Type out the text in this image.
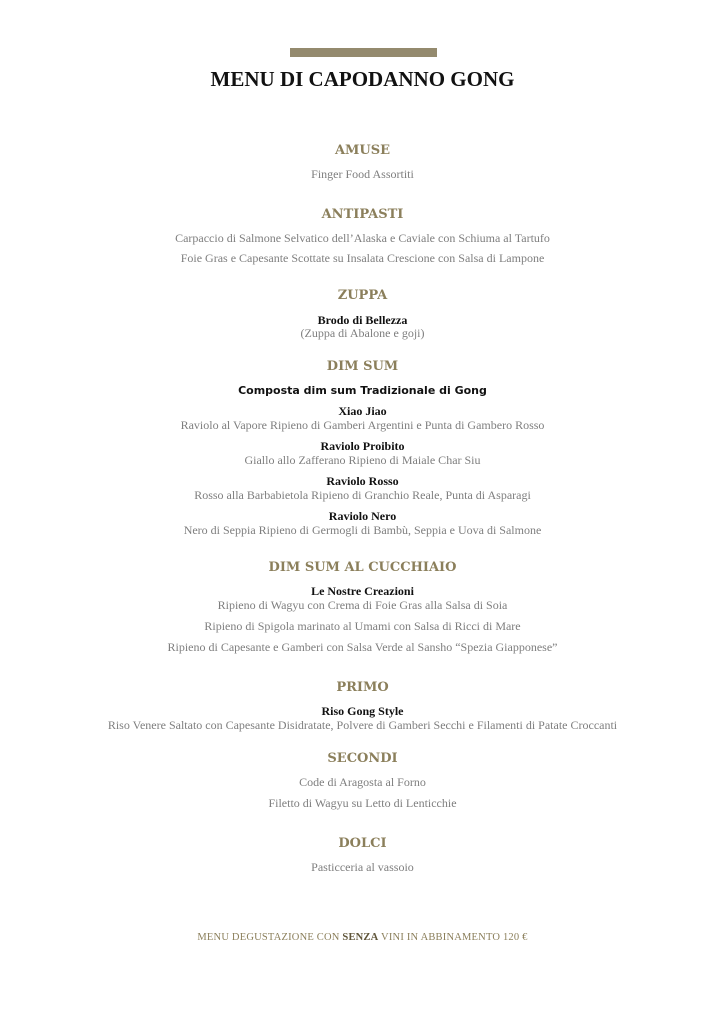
MENU DI CAPODANNO GONG
AMUSE
Finger Food Assortiti
ANTIPASTI
Carpaccio di Salmone Selvatico dell’Alaska e Caviale con Schiuma al Tartufo
Foie Gras e Capesante Scottate su Insalata Crescione con Salsa di Lampone
ZUPPA
Brodo di Bellezza
(Zuppa di Abalone e goji)
DIM SUM
Composta dim sum Tradizionale di Gong
Xiao Jiao
Raviolo al Vapore Ripieno di Gamberi Argentini e Punta di Gambero Rosso
Raviolo Proibito
Giallo allo Zafferano Ripieno di Maiale Char Siu
Raviolo Rosso
Rosso alla Barbabietola Ripieno di Granchio Reale, Punta di Asparagi
Raviolo Nero
Nero di Seppia Ripieno di Germogli di Bambù, Seppia e Uova di Salmone
DIM SUM AL CUCCHIAIO
Le Nostre Creazioni
Ripieno di Wagyu con Crema di Foie Gras alla Salsa di Soia
Ripieno di Spigola marinato al Umami con Salsa di Ricci di Mare
Ripieno di Capesante e Gamberi con Salsa Verde al Sansho “Spezia Giapponese”
PRIMO
Riso Gong Style
Riso Venere Saltato con Capesante Disidratate, Polvere di Gamberi Secchi e Filamenti di Patate Croccanti
SECONDI
Code di Aragosta al Forno
Filetto di Wagyu su Letto di Lenticchie
DOLCI
Pasticceria al vassoio
MENU DEGUSTAZIONE CON SENZA VINI IN ABBINAMENTO 120 €
